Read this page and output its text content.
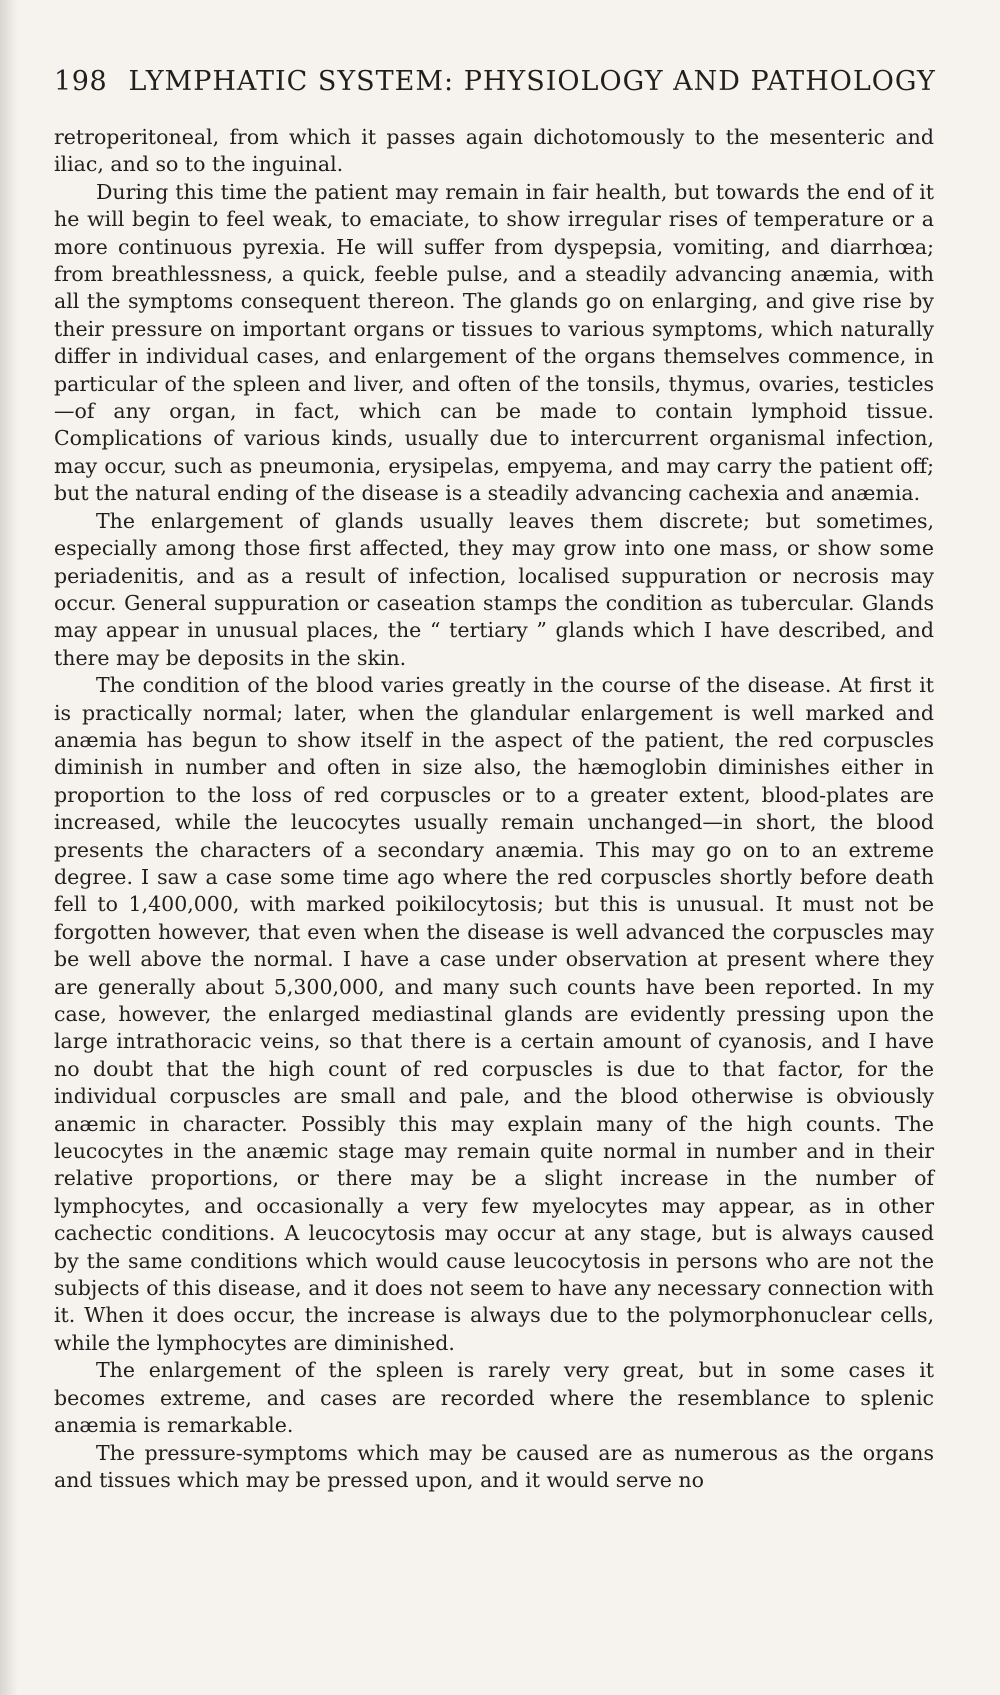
198 LYMPHATIC SYSTEM: PHYSIOLOGY AND PATHOLOGY

retroperitoneal, from which it passes again dichotomously to the mesenteric and iliac, and so to the inguinal.

During this time the patient may remain in fair health, but towards the end of it he will begin to feel weak, to emaciate, to show irregular rises of temperature or a more continuous pyrexia. He will suffer from dyspepsia, vomiting, and diarrhœa; from breathlessness, a quick, feeble pulse, and a steadily advancing anæmia, with all the symptoms consequent thereon. The glands go on enlarging, and give rise by their pressure on important organs or tissues to various symptoms, which naturally differ in individual cases, and enlargement of the organs themselves commence, in particular of the spleen and liver, and often of the tonsils, thymus, ovaries, testicles—of any organ, in fact, which can be made to contain lymphoid tissue. Complications of various kinds, usually due to intercurrent organismal infection, may occur, such as pneumonia, erysipelas, empyema, and may carry the patient off; but the natural ending of the disease is a steadily advancing cachexia and anæmia.

The enlargement of glands usually leaves them discrete; but sometimes, especially among those first affected, they may grow into one mass, or show some periadenitis, and as a result of infection, localised suppuration or necrosis may occur. General suppuration or caseation stamps the condition as tubercular. Glands may appear in unusual places, the “ tertiary ” glands which I have described, and there may be deposits in the skin.

The condition of the blood varies greatly in the course of the disease. At first it is practically normal; later, when the glandular enlargement is well marked and anæmia has begun to show itself in the aspect of the patient, the red corpuscles diminish in number and often in size also, the hæmoglobin diminishes either in proportion to the loss of red corpuscles or to a greater extent, blood-plates are increased, while the leucocytes usually remain unchanged—in short, the blood presents the characters of a secondary anæmia. This may go on to an extreme degree. I saw a case some time ago where the red corpuscles shortly before death fell to 1,400,000, with marked poikilocytosis; but this is unusual. It must not be forgotten however, that even when the disease is well advanced the corpuscles may be well above the normal. I have a case under observation at present where they are generally about 5,300,000, and many such counts have been reported. In my case, however, the enlarged mediastinal glands are evidently pressing upon the large intrathoracic veins, so that there is a certain amount of cyanosis, and I have no doubt that the high count of red corpuscles is due to that factor, for the individual corpuscles are small and pale, and the blood otherwise is obviously anæmic in character. Possibly this may explain many of the high counts. The leucocytes in the anæmic stage may remain quite normal in number and in their relative proportions, or there may be a slight increase in the number of lymphocytes, and occasionally a very few myelocytes may appear, as in other cachectic conditions. A leucocytosis may occur at any stage, but is always caused by the same conditions which would cause leucocytosis in persons who are not the subjects of this disease, and it does not seem to have any necessary connection with it. When it does occur, the increase is always due to the polymorphonuclear cells, while the lymphocytes are diminished.

The enlargement of the spleen is rarely very great, but in some cases it becomes extreme, and cases are recorded where the resemblance to splenic anæmia is remarkable.

The pressure-symptoms which may be caused are as numerous as the organs and tissues which may be pressed upon, and it would serve no
